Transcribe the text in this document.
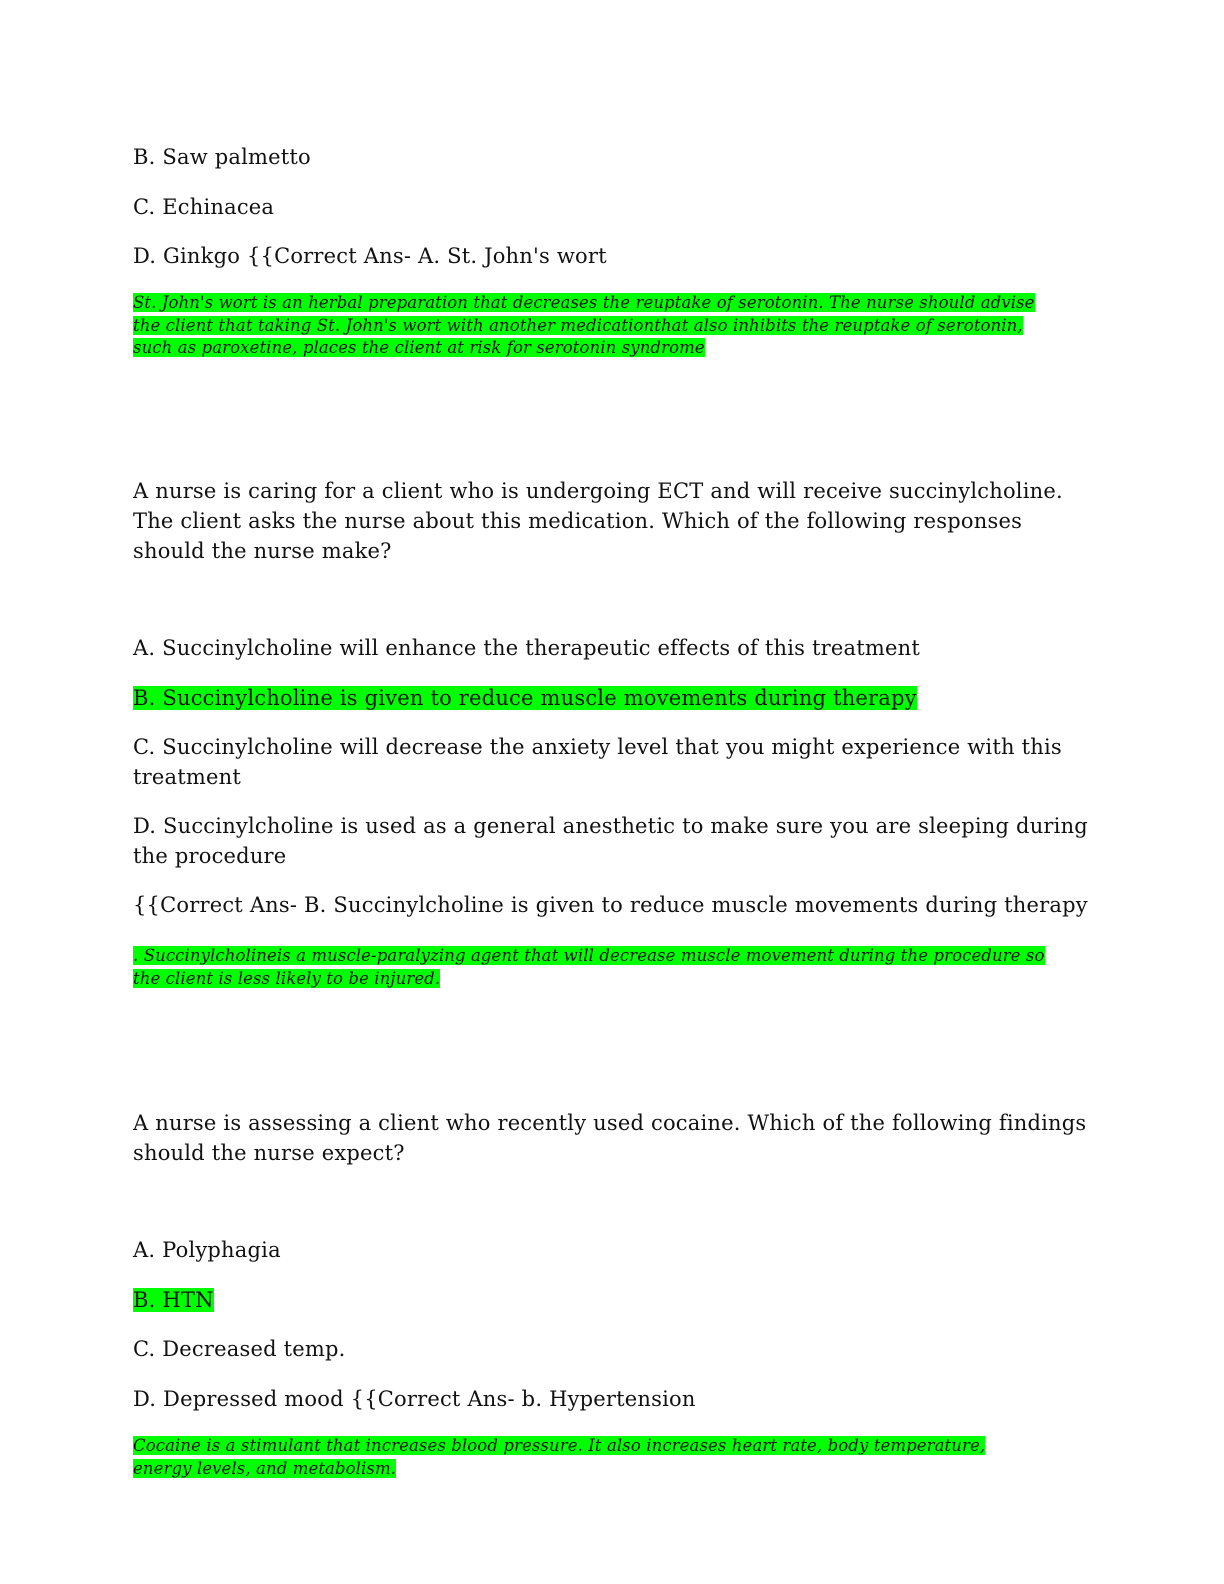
B. Saw palmetto
C. Echinacea
D. Ginkgo {{Correct Ans- A. St. John's wort
St. John's wort is an herbal preparation that decreases the reuptake of serotonin. The nurse should advise the client that taking St. John's wort with another medicationthat also inhibits the reuptake of serotonin, such as paroxetine, places the client at risk for serotonin syndrome
A nurse is caring for a client who is undergoing ECT and will receive succinylcholine. The client asks the nurse about this medication. Which of the following responses should the nurse make?
A. Succinylcholine will enhance the therapeutic effects of this treatment
B. Succinylcholine is given to reduce muscle movements during therapy
C. Succinylcholine will decrease the anxiety level that you might experience with this treatment
D. Succinylcholine is used as a general anesthetic to make sure you are sleeping during the procedure
{{Correct Ans- B. Succinylcholine is given to reduce muscle movements during therapy
. Succinylcholineis a muscle-paralyzing agent that will decrease muscle movement during the procedure so the client is less likely to be injured.
A nurse is assessing a client who recently used cocaine. Which of the following findings should the nurse expect?
A. Polyphagia
B. HTN
C. Decreased temp.
D. Depressed mood {{Correct Ans- b. Hypertension
Cocaine is a stimulant that increases blood pressure. It also increases heart rate, body temperature, energy levels, and metabolism.
